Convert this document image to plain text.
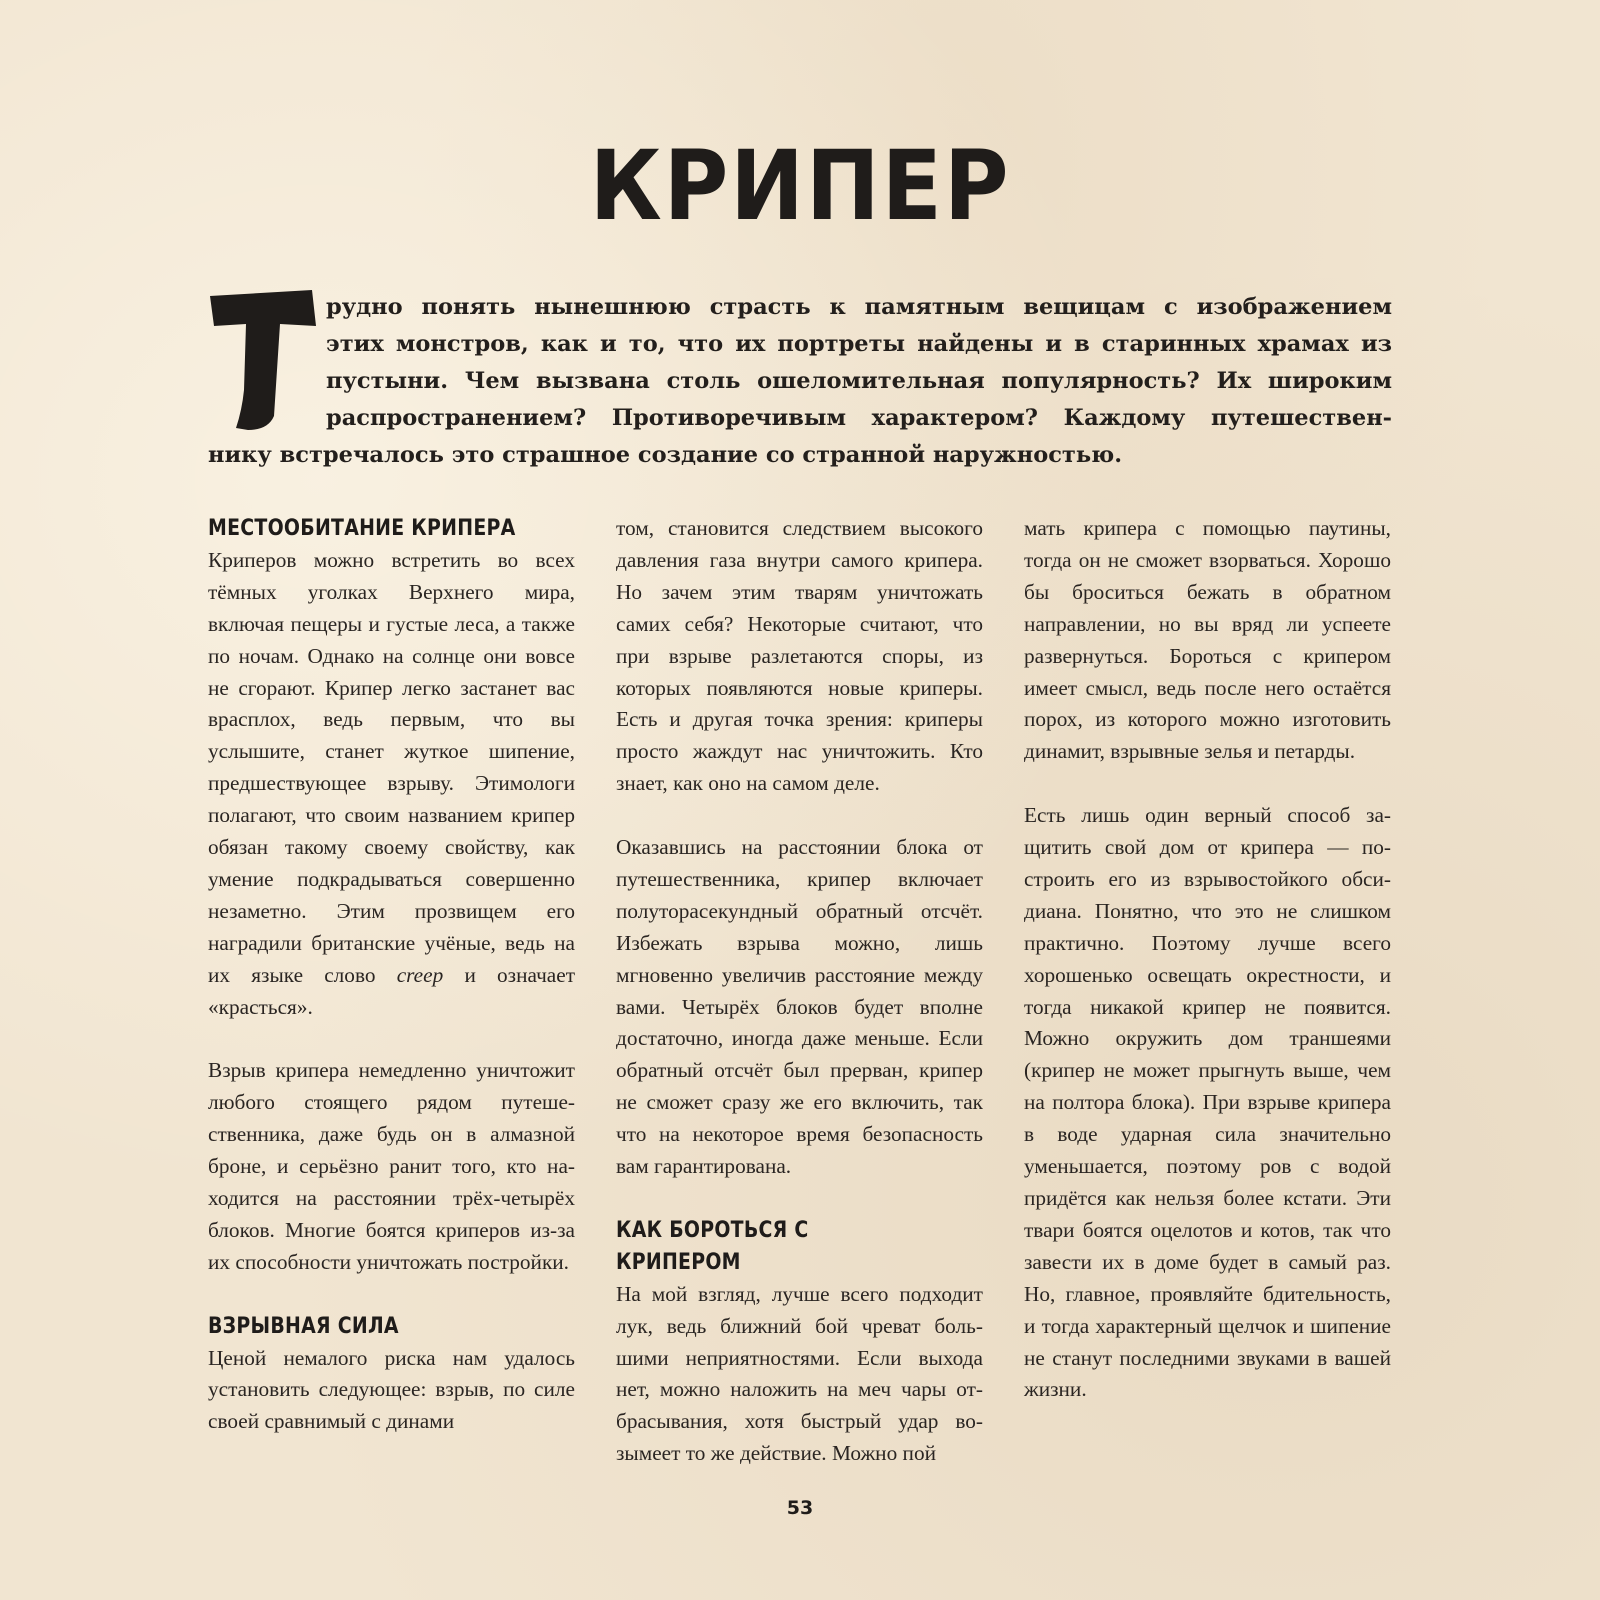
КРИПЕР
рудно понять нынешнюю страсть к памятным вещицам с изображением
этих монстров, как и то, что их портреты найдены и в старинных храмах из
пустыни. Чем вызвана столь ошеломительная популярность? Их широким
распространением? Противоречивым характером? Каждому путешествен-
нику встречалось это страшное создание со странной наружностью.
МЕСТООБИТАНИЕ КРИПЕРА

Криперов можно встретить во всех тёмных уголках Верхнего мира, включая пещеры и густые леса, а также по ночам. Однако на солнце они вовсе не сгорают. Крипер легко застанет вас врасплох, ведь первым, что вы услышите, станет жуткое шипение, предшествующее взрыву. Этимологи полагают, что своим названием крипер обязан такому своему свойству, как умение подкрадываться совершенно незаметно. Этим прозвищем его наградили британские учёные, ведь на их языке слово creep и означает «красться».

Взрыв крипера немедленно уничтожит любого стоящего рядом путешественника, даже будь он в алмазной броне, и серьёзно ранит того, кто находится на расстоянии трёх-четырёх блоков. Многие боятся криперов из-за их способности уничтожать постройки.

ВЗРЫВНАЯ СИЛА

Ценой немалого риска нам удалось установить следующее: взрыв, по силе своей сравнимый с динами

том, становится следствием высокого давления газа внутри самого крипера. Но зачем этим тварям уничтожать самих себя? Некоторые считают, что при взрыве разлетаются споры, из которых появляются новые криперы. Есть и другая точка зрения: криперы просто жаждут нас уничтожить. Кто знает, как оно на самом деле.

Оказавшись на расстоянии блока от путешественника, крипер включает полуторасекундный обратный отсчёт. Избежать взрыва можно, лишь мгновенно увеличив расстояние между вами. Четырёх блоков будет вполне достаточно, иногда даже меньше. Если обратный отсчёт был прерван, крипер не сможет сразу же его включить, так что на некоторое время безопасность вам гарантирована.

КАК БОРОТЬСЯ С КРИПЕРОМ

На мой взгляд, лучше всего подходит лук, ведь ближний бой чреват большими неприятностями. Если выхода нет, можно наложить на меч чары отбрасывания, хотя быстрый удар возымеет то же действие. Можно пой

мать крипера с помощью паутины, тогда он не сможет взорваться. Хорошо бы броситься бежать в обратном направлении, но вы вряд ли успеете развернуться. Бороться с крипером имеет смысл, ведь после него остаётся порох, из которого можно изготовить динамит, взрывные зелья и петарды.

Есть лишь один верный способ защитить свой дом от крипера — построить его из взрывостойкого обсидиана. Понятно, что это не слишком практично. Поэтому лучше всего хорошенько освещать окрестности, и тогда никакой крипер не появится. Можно окружить дом траншеями (крипер не может прыгнуть выше, чем на полтора блока). При взрыве крипера в воде ударная сила значительно уменьшается, поэтому ров с водой придётся как нельзя более кстати. Эти твари боятся оцелотов и котов, так что завести их в доме будет в самый раз. Но, главное, проявляйте бдительность, и тогда характерный щелчок и шипение не станут последними звуками в вашей жизни.

53
